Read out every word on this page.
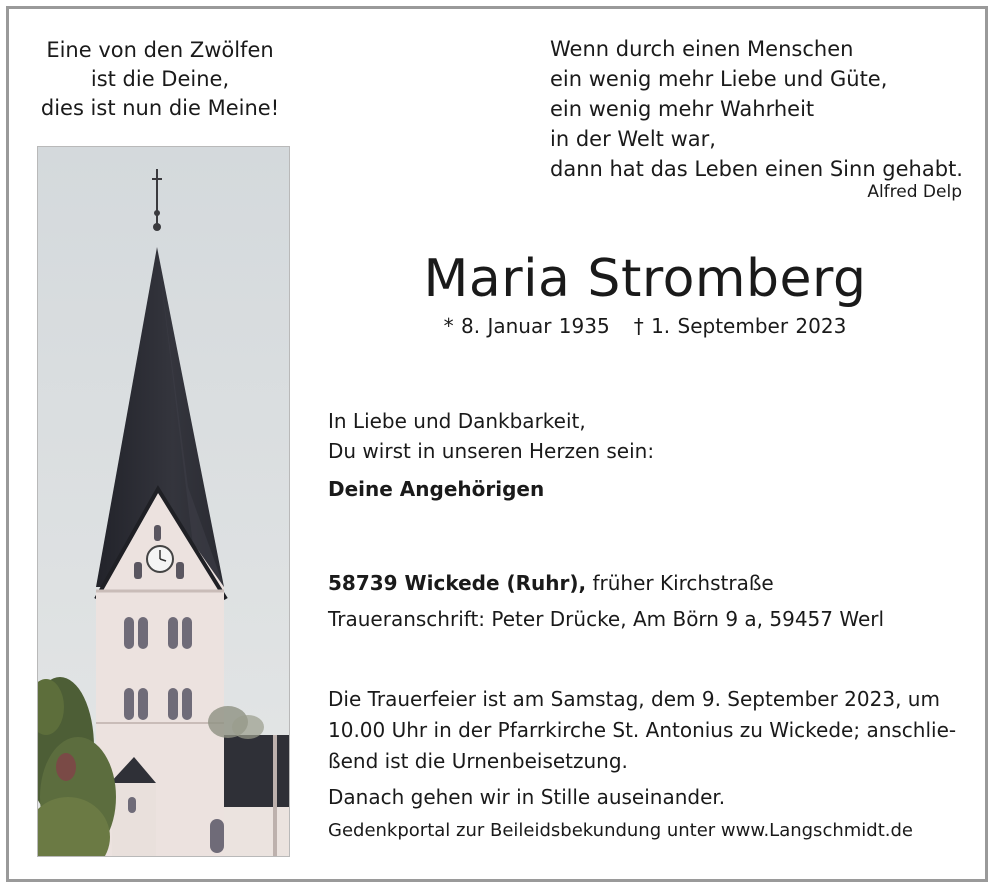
Eine von den Zwölfen
ist die Deine,
dies ist nun die Meine!
Wenn durch einen Menschen
ein wenig mehr Liebe und Güte,
ein wenig mehr Wahrheit
in der Welt war,
dann hat das Leben einen Sinn gehabt.
Alfred Delp
Maria Stromberg
* 8. Januar 1935 † 1. September 2023
In Liebe und Dankbarkeit,
Du wirst in unseren Herzen sein:
Deine Angehörigen
58739 Wickede (Ruhr), früher Kirchstraße
Traueranschrift: Peter Drücke, Am Börn 9 a, 59457 Werl
Die Trauerfeier ist am Samstag, dem 9. September 2023, um
10.00 Uhr in der Pfarrkirche St. Antonius zu Wickede; anschlie-
ßend ist die Urnenbeisetzung.
Danach gehen wir in Stille auseinander.
Gedenkportal zur Beileidsbekundung unter www.Langschmidt.de
